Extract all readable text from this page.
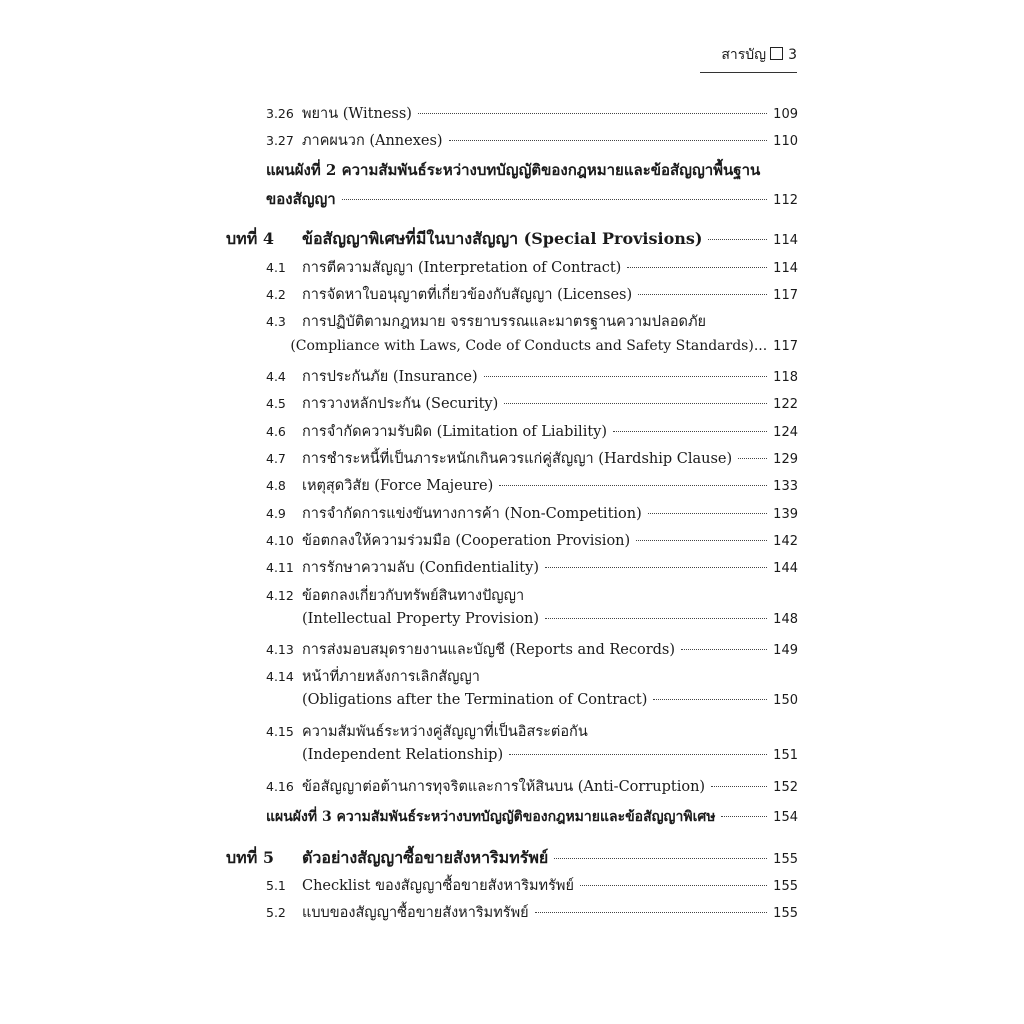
สารบัญ 3
3.26 พยาน (Witness)	109
3.27 ภาคผนวก (Annexes)	110
แผนผังที่ 2 ความสัมพันธ์ระหว่างบทบัญญัติของกฎหมายและข้อสัญญาพื้นฐาน
ของสัญญา	112
บทที่ 4	ข้อสัญญาพิเศษที่มีในบางสัญญา (Special Provisions)	114
4.1	การตีความสัญญา (Interpretation of Contract)	114
4.2	การจัดหาใบอนุญาตที่เกี่ยวข้องกับสัญญา (Licenses)	117
4.3	การปฏิบัติตามกฎหมาย จรรยาบรรณและมาตรฐานความปลอดภัย
(Compliance with Laws, Code of Conducts and Safety Standards)... 117
4.4	การประกันภัย (Insurance)	118
4.5	การวางหลักประกัน (Security)	122
4.6	การจำกัดความรับผิด (Limitation of Liability)	124
4.7	การชำระหนี้ที่เป็นภาระหนักเกินควรแก่คู่สัญญา (Hardship Clause)	129
4.8	เหตุสุดวิสัย (Force Majeure)	133
4.9	การจำกัดการแข่งขันทางการค้า (Non-Competition)	139
4.10 ข้อตกลงให้ความร่วมมือ (Cooperation Provision)	142
4.11 การรักษาความลับ (Confidentiality)	144
4.12 ข้อตกลงเกี่ยวกับทรัพย์สินทางปัญญา
(Intellectual Property Provision)	148
4.13 การส่งมอบสมุดรายงานและบัญชี (Reports and Records)	149
4.14 หน้าที่ภายหลังการเลิกสัญญา
(Obligations after the Termination of Contract)	150
4.15 ความสัมพันธ์ระหว่างคู่สัญญาที่เป็นอิสระต่อกัน
(Independent Relationship)	151
4.16 ข้อสัญญาต่อต้านการทุจริตและการให้สินบน (Anti-Corruption)	152
แผนผังที่ 3 ความสัมพันธ์ระหว่างบทบัญญัติของกฎหมายและข้อสัญญาพิเศษ	154
บทที่ 5	ตัวอย่างสัญญาซื้อขายสังหาริมทรัพย์	155
5.1	Checklist ของสัญญาซื้อขายสังหาริมทรัพย์	155
5.2	แบบของสัญญาซื้อขายสังหาริมทรัพย์	155
